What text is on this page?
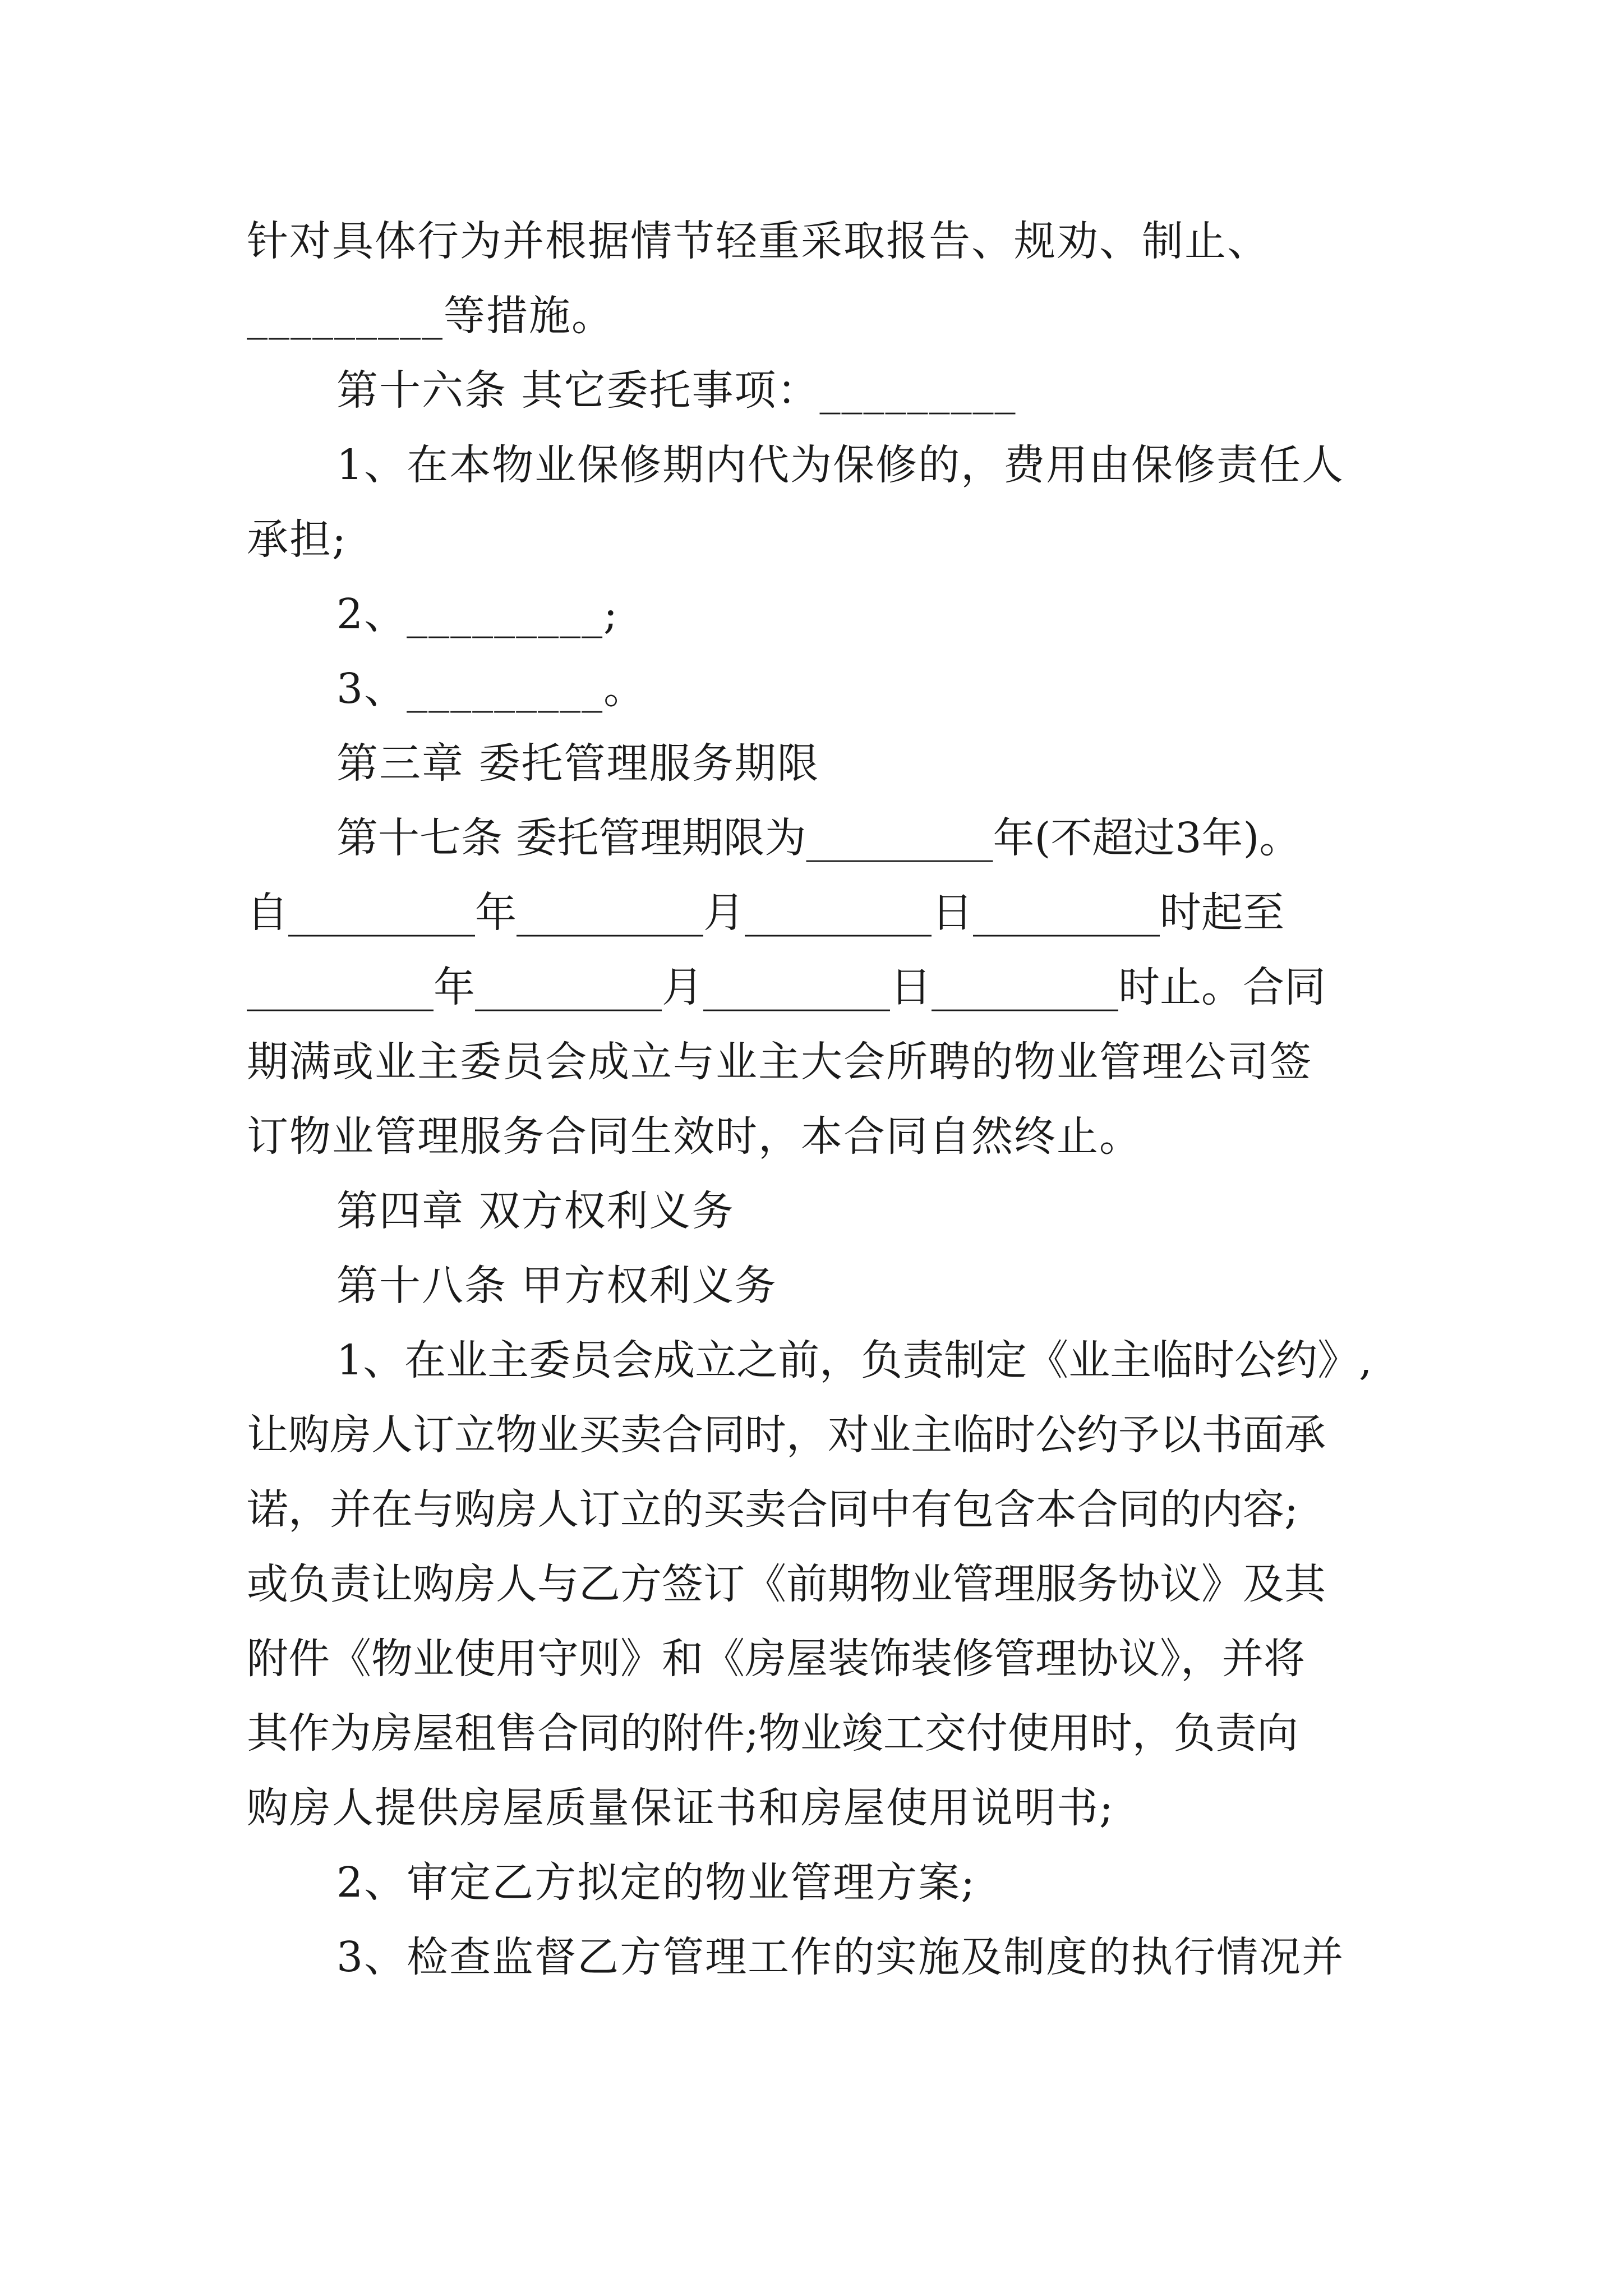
针对具体行为并根据情节轻重采取报告、规劝、制止、
_________等措施。
第十六条 其它委托事项：_________
1、在本物业保修期内代为保修的，费用由保修责任人
承担;
2、_________;
3、_________。
第三章 委托管理服务期限
第十七条 委托管理期限为_________年(不超过3年)。
自_________年_________月_________日_________时起至
_________年_________月_________日_________时止。合同
期满或业主委员会成立与业主大会所聘的物业管理公司签
订物业管理服务合同生效时，本合同自然终止。
第四章 双方权利义务
第十八条 甲方权利义务
1、在业主委员会成立之前，负责制定《业主临时公约》,
让购房人订立物业买卖合同时，对业主临时公约予以书面承
诺，并在与购房人订立的买卖合同中有包含本合同的内容;
或负责让购房人与乙方签订《前期物业管理服务协议》及其
附件《物业使用守则》和《房屋装饰装修管理协议》，并将
其作为房屋租售合同的附件;物业竣工交付使用时，负责向
购房人提供房屋质量保证书和房屋使用说明书;
2、审定乙方拟定的物业管理方案;
3、检查监督乙方管理工作的实施及制度的执行情况并
